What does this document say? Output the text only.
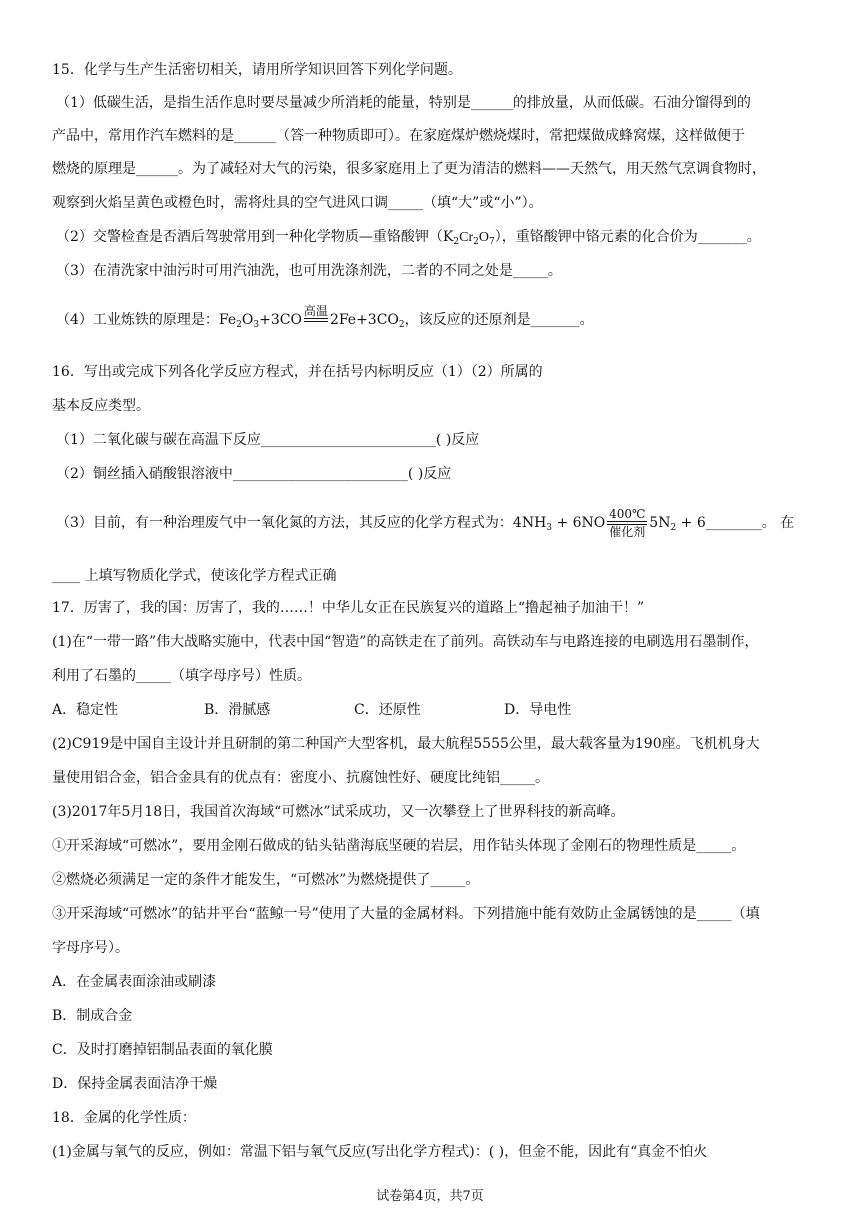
15．化学与生产生活密切相关，请用所学知识回答下列化学问题。
（1）低碳生活，是指生活作息时要尽量减少所消耗的能量，特别是______的排放量，从而低碳。石油分馏得到的
产品中，常用作汽车燃料的是______（答一种物质即可）。在家庭煤炉燃烧煤时，常把煤做成蜂窝煤，这样做便于
燃烧的原理是______。为了减轻对大气的污染，很多家庭用上了更为清洁的燃料——天然气，用天然气烹调食物时，
观察到火焰呈黄色或橙色时，需将灶具的空气进风口调_____（填“大”或“小”）。
（2）交警检查是否酒后驾驶常用到一种化学物质—重铬酸钾$(K_2Cr_2O_7)$，重铬酸钾中铬元素的化合价为_______。
（3）在清洗家中油污时可用汽油洗，也可用洗涤剂洗，二者的不同之处是_____。
（4）工业炼铁的原理是：$Fe_2O_3+3CO$
高温

$2Fe+3CO_2$，该反应的还原剂是_______。
16．写出或完成下列各化学反应方程式，并在括号内标明反应（1）（2）所属的
基本反应类型。
（1）二氧化碳与碳在高温下反应_________________________( )反应
（2）铜丝插入硝酸银溶液中_________________________( )反应
（3）目前，有一种治理废气中一氧化氮的方法，其反应的化学方程式为：$4NH_3 + 6NO$
400℃
催化剂
$5N_2$ + 6________。 在
____ 上填写物质化学式，使该化学方程式正确
17．厉害了，我的国：厉害了，我的……！中华儿女正在民族复兴的道路上“撸起袖子加油干！”
(1)在“一带一路”伟大战略实施中，代表中国“智造”的高铁走在了前列。高铁动车与电路连接的电刷选用石墨制作，
利用了石墨的_____（填字母序号）性质。
A．稳定性	B．滑腻感	C．还原性	D．导电性
(2)C919是中国自主设计并且研制的第二种国产大型客机，最大航程5555公里，最大载客量为190座。飞机机身大
量使用铝合金，铝合金具有的优点有：密度小、抗腐蚀性好、硬度比纯铝_____。
(3)2017年5月18日，我国首次海域“可燃冰”试采成功，又一次攀登上了世界科技的新高峰。
①开采海域“可燃冰”，要用金刚石做成的钻头钻凿海底坚硬的岩层，用作钻头体现了金刚石的物理性质是_____。
②燃烧必须满足一定的条件才能发生，“可燃冰”为燃烧提供了_____。
③开采海域“可燃冰”的钻井平台“蓝鲸一号”使用了大量的金属材料。下列措施中能有效防止金属锈蚀的是_____（填
字母序号）。
A．在金属表面涂油或刷漆
B．制成合金
C．及时打磨掉铝制品表面的氧化膜
D．保持金属表面洁净干燥
18．金属的化学性质：
(1)金属与氧气的反应，例如：常温下铝与氧气反应(写出化学方程式)：( )，但金不能，因此有“真金不怕火
试卷第4页，共7页
